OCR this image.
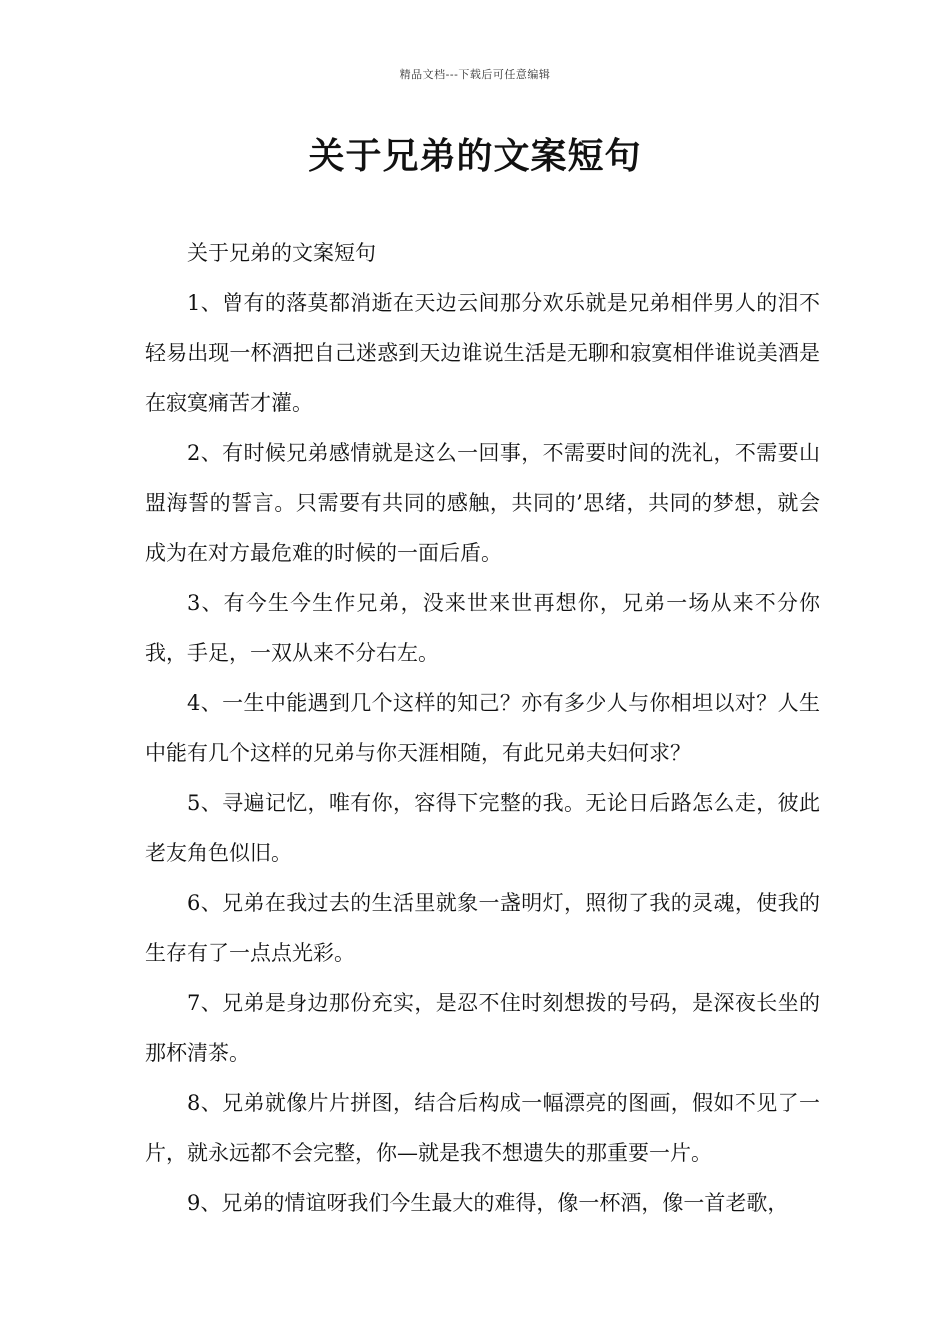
精品文档---下载后可任意编辑
关于兄弟的文案短句

关于兄弟的文案短句

1、曾有的落莫都消逝在天边云间那分欢乐就是兄弟相伴男人的泪不轻易出现一杯酒把自己迷惑到天边谁说生活是无聊和寂寞相伴谁说美酒是在寂寞痛苦才灌。

2、有时候兄弟感情就是这么一回事，不需要时间的洗礼，不需要山盟海誓的誓言。只需要有共同的感触，共同的’思绪，共同的梦想，就会成为在对方最危难的时候的一面后盾。

3、有今生今生作兄弟，没来世来世再想你，兄弟一场从来不分你我，手足，一双从来不分右左。

4、一生中能遇到几个这样的知己？亦有多少人与你相坦以对？人生中能有几个这样的兄弟与你天涯相随，有此兄弟夫妇何求？

5、寻遍记忆，唯有你，容得下完整的我。无论日后路怎么走，彼此老友角色似旧。

6、兄弟在我过去的生活里就象一盏明灯，照彻了我的灵魂，使我的生存有了一点点光彩。

7、兄弟是身边那份充实，是忍不住时刻想拨的号码，是深夜长坐的那杯清茶。

8、兄弟就像片片拼图，结合后构成一幅漂亮的图画，假如不见了一片，就永远都不会完整，你—就是我不想遗失的那重要一片。

9、兄弟的情谊呀我们今生最大的难得，像一杯酒，像一首老歌，
